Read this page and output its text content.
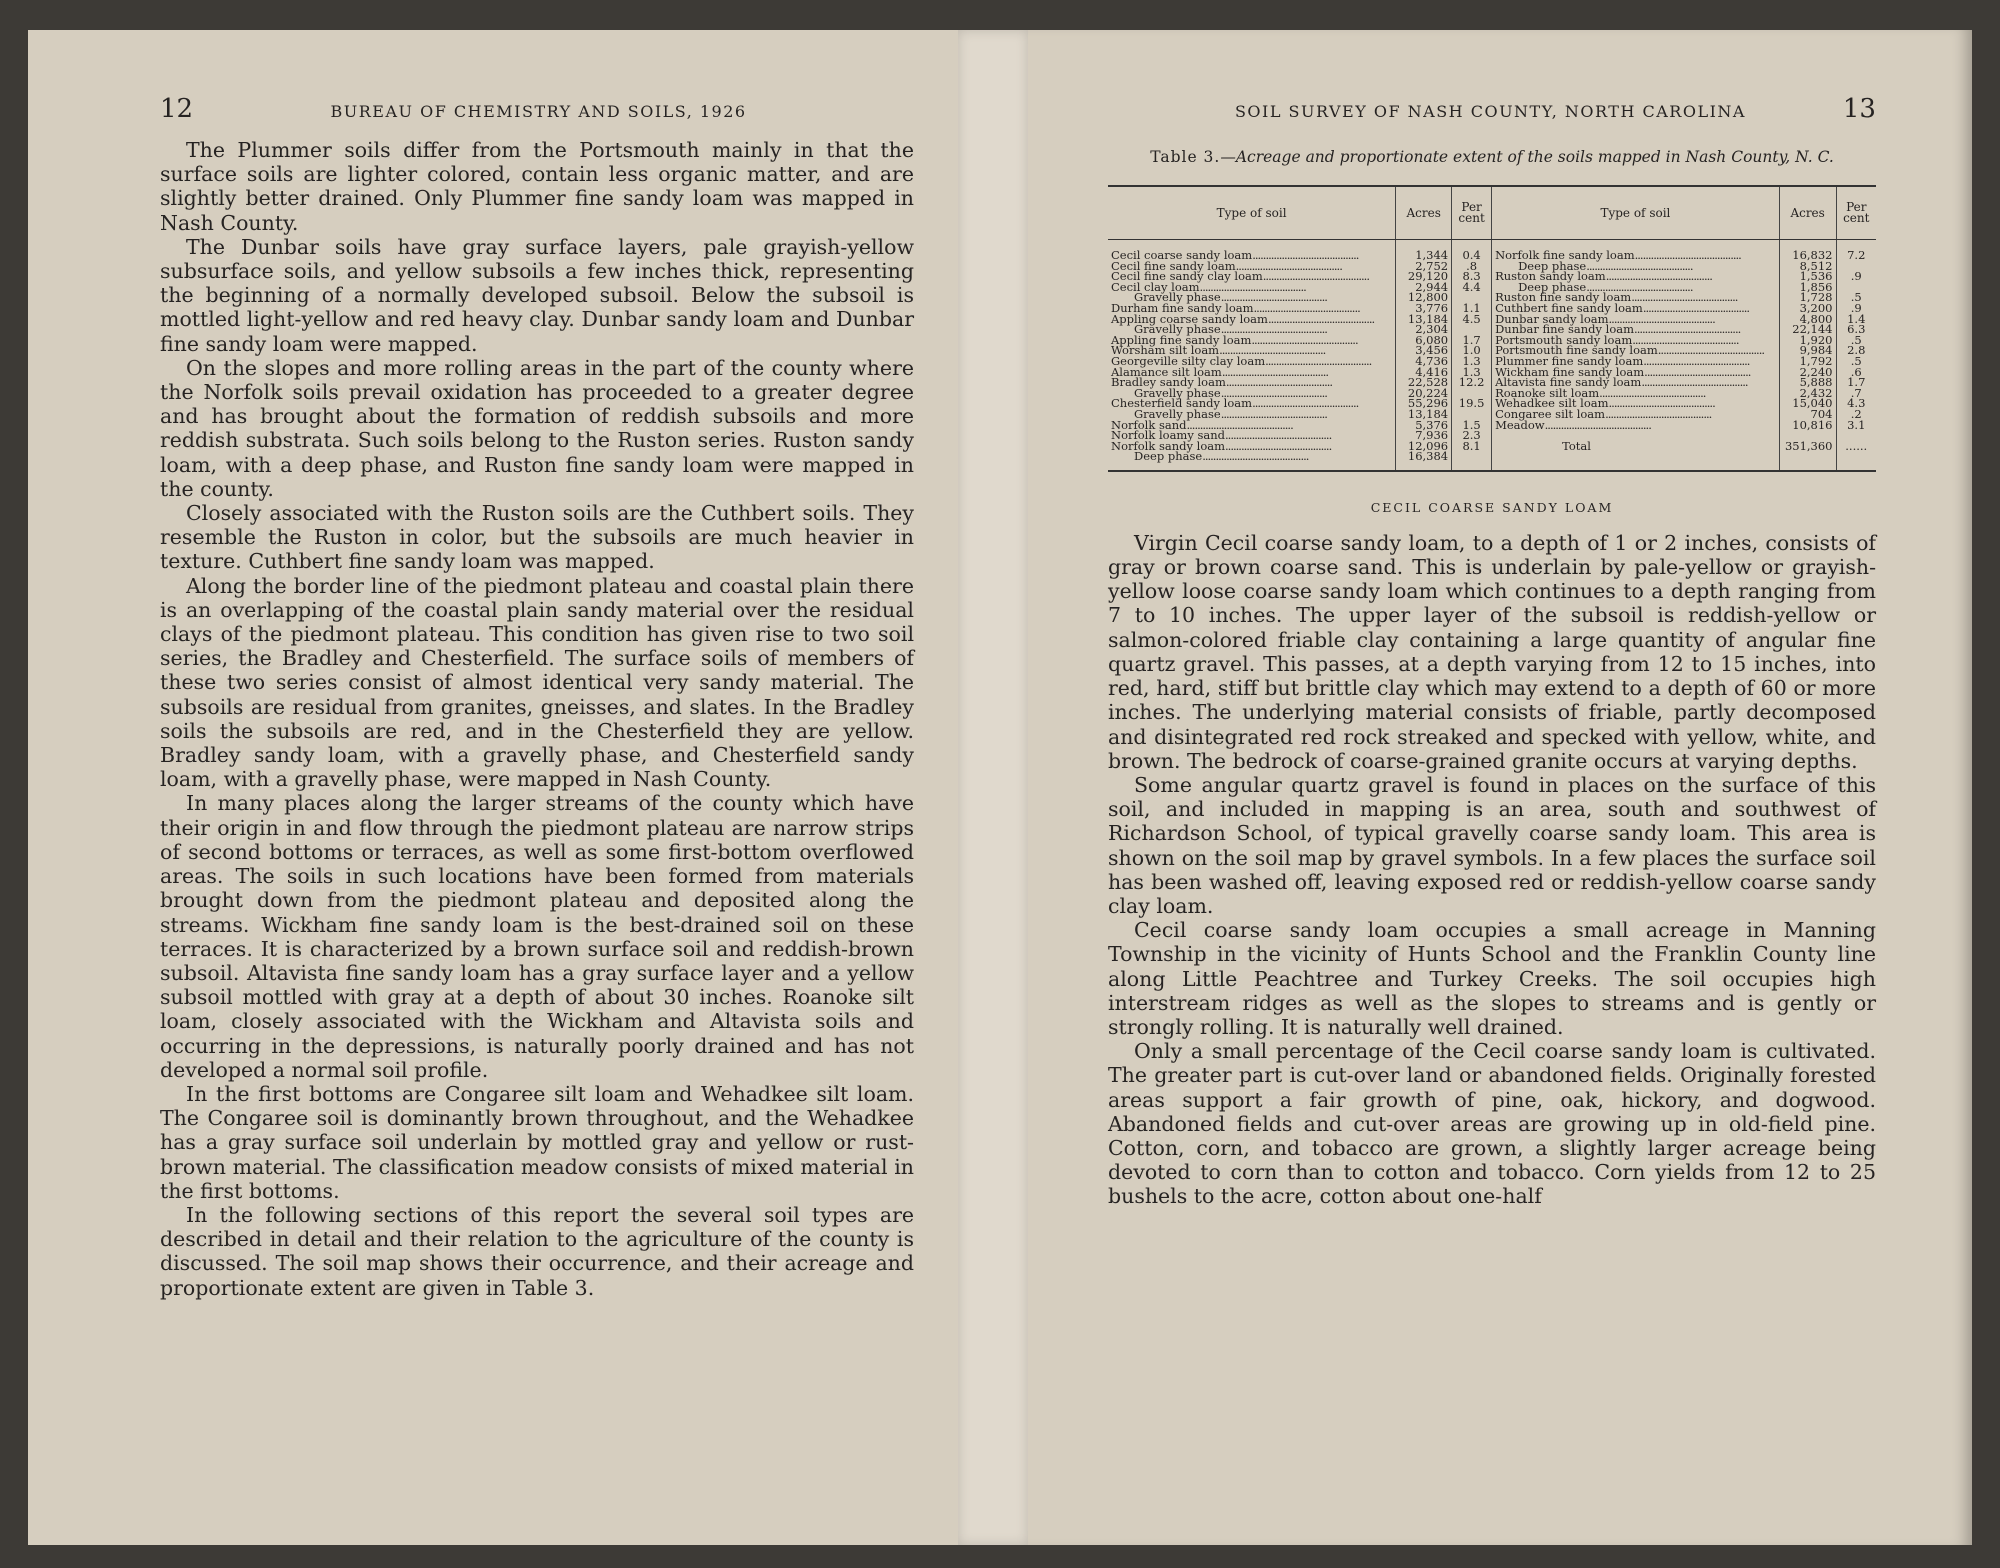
12	BUREAU OF CHEMISTRY AND SOILS, 1926

The Plummer soils differ from the Portsmouth mainly in that the surface soils are lighter colored, contain less organic matter, and are slightly better drained. Only Plummer fine sandy loam was mapped in Nash County.

The Dunbar soils have gray surface layers, pale grayish-yellow subsurface soils, and yellow subsoils a few inches thick, representing the beginning of a normally developed subsoil. Below the subsoil is mottled light-yellow and red heavy clay. Dunbar sandy loam and Dunbar fine sandy loam were mapped.

On the slopes and more rolling areas in the part of the county where the Norfolk soils prevail oxidation has proceeded to a greater degree and has brought about the formation of reddish subsoils and more reddish substrata. Such soils belong to the Ruston series. Ruston sandy loam, with a deep phase, and Ruston fine sandy loam were mapped in the county.

Closely associated with the Ruston soils are the Cuthbert soils. They resemble the Ruston in color, but the subsoils are much heavier in texture. Cuthbert fine sandy loam was mapped.

Along the border line of the piedmont plateau and coastal plain there is an overlapping of the coastal plain sandy material over the residual clays of the piedmont plateau. This condition has given rise to two soil series, the Bradley and Chesterfield. The surface soils of members of these two series consist of almost identical very sandy material. The subsoils are residual from granites, gneisses, and slates. In the Bradley soils the subsoils are red, and in the Chesterfield they are yellow. Bradley sandy loam, with a gravelly phase, and Chesterfield sandy loam, with a gravelly phase, were mapped in Nash County.

In many places along the larger streams of the county which have their origin in and flow through the piedmont plateau are narrow strips of second bottoms or terraces, as well as some first-bottom overflowed areas. The soils in such locations have been formed from materials brought down from the piedmont plateau and deposited along the streams. Wickham fine sandy loam is the best-drained soil on these terraces. It is characterized by a brown surface soil and reddish-brown subsoil. Altavista fine sandy loam has a gray surface layer and a yellow subsoil mottled with gray at a depth of about 30 inches. Roanoke silt loam, closely associated with the Wickham and Altavista soils and occurring in the depressions, is naturally poorly drained and has not developed a normal soil profile.

In the first bottoms are Congaree silt loam and Wehadkee silt loam. The Congaree soil is dominantly brown throughout, and the Wehadkee has a gray surface soil underlain by mottled gray and yellow or rust-brown material. The classification meadow consists of mixed material in the first bottoms.

In the following sections of this report the several soil types are described in detail and their relation to the agriculture of the county is discussed. The soil map shows their occurrence, and their acreage and proportionate extent are given in Table 3.

SOIL SURVEY OF NASH COUNTY, NORTH CAROLINA	13
Table 3.—Acreage and proportionate extent of the soils mapped in Nash County, N. C.
Type of soil	Acres	Per cent	Type of soil	Acres	Per cent
Cecil coarse sandy loam .....	1,344	0.4	Norfolk fine sandy loam .....	16,832	7.2
Cecil fine sandy loam .....	2,752	.8	Deep phase .....	8,512	
Cecil fine sandy clay loam .....	29,120	8.3	Ruston sandy loam .....	1,536	.9
Cecil clay loam .....	2,944	4.4	Deep phase .....	1,856	
Gravelly phase .....	12,800		Ruston fine sandy loam .....	1,728	.5
Durham fine sandy loam .....	3,776	1.1	Cuthbert fine sandy loam .....	3,200	.9
Appling coarse sandy loam .....	13,184	4.5	Dunbar sandy loam .....	4,800	1.4
Gravelly phase .....	2,304		Dunbar fine sandy loam .....	22,144	6.3
Appling fine sandy loam .....	6,080	1.7	Portsmouth sandy loam .....	1,920	.5
Worsham silt loam .....	3,456	1.0	Portsmouth fine sandy loam .....	9,984	2.8
Georgeville silty clay loam .....	4,736	1.3	Plummer fine sandy loam .....	1,792	.5
Alamance silt loam .....	4,416	1.3	Wickham fine sandy loam .....	2,240	.6
Bradley sandy loam .....	22,528	12.2	Altavista fine sandy loam .....	5,888	1.7
Gravelly phase .....	20,224		Roanoke silt loam .....	2,432	.7
Chesterfield sandy loam .....	55,296	19.5	Wehadkee silt loam .....	15,040	4.3
Gravelly phase .....	13,184		Congaree silt loam .....	704	.2
Norfolk sand .....	5,376	1.5	Meadow .....	10,816	3.1
Norfolk loamy sand .....	7,936	2.3			
Norfolk sandy loam .....	12,096	8.1	Total	351,360	......
Deep phase .....	16,384				
CECIL COARSE SANDY LOAM

Virgin Cecil coarse sandy loam, to a depth of 1 or 2 inches, consists of gray or brown coarse sand. This is underlain by pale-yellow or grayish-yellow loose coarse sandy loam which continues to a depth ranging from 7 to 10 inches. The upper layer of the subsoil is reddish-yellow or salmon-colored friable clay containing a large quantity of angular fine quartz gravel. This passes, at a depth varying from 12 to 15 inches, into red, hard, stiff but brittle clay which may extend to a depth of 60 or more inches. The underlying material consists of friable, partly decomposed and disintegrated red rock streaked and specked with yellow, white, and brown. The bedrock of coarse-grained granite occurs at varying depths.

Some angular quartz gravel is found in places on the surface of this soil, and included in mapping is an area, south and southwest of Richardson School, of typical gravelly coarse sandy loam. This area is shown on the soil map by gravel symbols. In a few places the surface soil has been washed off, leaving exposed red or reddish-yellow coarse sandy clay loam.

Cecil coarse sandy loam occupies a small acreage in Manning Township in the vicinity of Hunts School and the Franklin County line along Little Peachtree and Turkey Creeks. The soil occupies high interstream ridges as well as the slopes to streams and is gently or strongly rolling. It is naturally well drained.

Only a small percentage of the Cecil coarse sandy loam is cultivated. The greater part is cut-over land or abandoned fields. Originally forested areas support a fair growth of pine, oak, hickory, and dogwood. Abandoned fields and cut-over areas are growing up in old-field pine. Cotton, corn, and tobacco are grown, a slightly larger acreage being devoted to corn than to cotton and tobacco. Corn yields from 12 to 25 bushels to the acre, cotton about one-half
